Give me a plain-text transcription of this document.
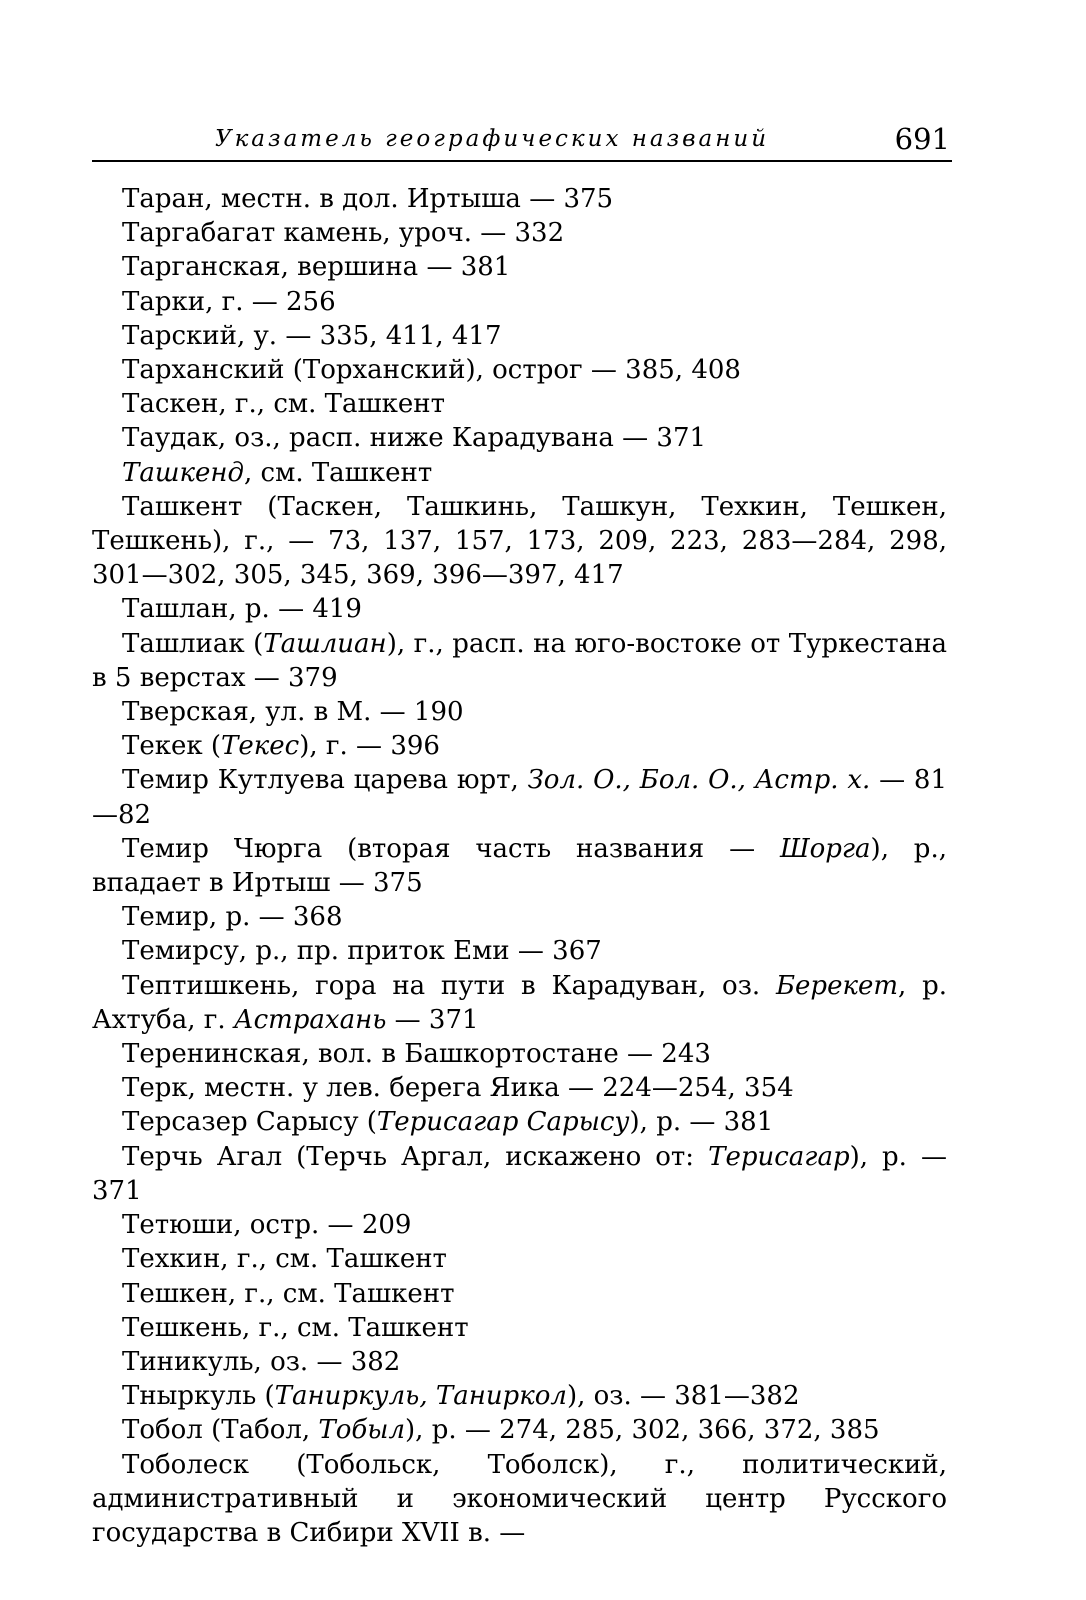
Указатель географических названий	691

Таран, местн. в дол. Иртыша — 375

Таргабагат камень, уроч. — 332

Тарганская, вершина — 381

Тарки, г. — 256

Тарский, у. — 335, 411, 417

Тарханский (Торханский), острог — 385, 408

Таскен, г., см. Ташкент

Таудак, оз., расп. ниже Карадувана — 371

Ташкенд, см. Ташкент

Ташкент (Таскен, Ташкинь, Ташкун, Техкин, Тешкен, Тешкень), г., — 73, 137, 157, 173, 209, 223, 283—284, 298, 301—302, 305, 345, 369, 396—397, 417

Ташлан, р. — 419

Ташлиак (Ташлиан), г., расп. на юго-востоке от Туркестана в 5 верстах — 379

Тверская, ул. в М. — 190

Текек (Текес), г. — 396

Темир Кутлуева царева юрт, Зол. О., Бол. О., Астр. х. — 81—82

Темир Чюрга (вторая часть названия — Шорга), р., впадает в Иртыш — 375

Темир, р. — 368

Темирсу, р., пр. приток Еми — 367

Тептишкень, гора на пути в Карадуван, оз. Берекет, р. Ахтуба, г. Астрахань — 371

Теренинская, вол. в Башкортостане — 243

Терк, местн. у лев. берега Яика — 224—254, 354

Терсазер Сарысу (Терисагар Сарысу), р. — 381

Терчь Агал (Терчь Аргал, искажено от: Терисагар), р. — 371

Тетюши, остр. — 209

Техкин, г., см. Ташкент

Тешкен, г., см. Ташкент

Тешкень, г., см. Ташкент

Тиникуль, оз. — 382

Тныркуль (Таниркуль, Таниркол), оз. — 381—382

Тобол (Табол, Тобыл), р. — 274, 285, 302, 366, 372, 385

Тоболеск (Тобольск, Тоболск), г., политический, административный и экономический центр Русского государства в Сибири XVII в. —
